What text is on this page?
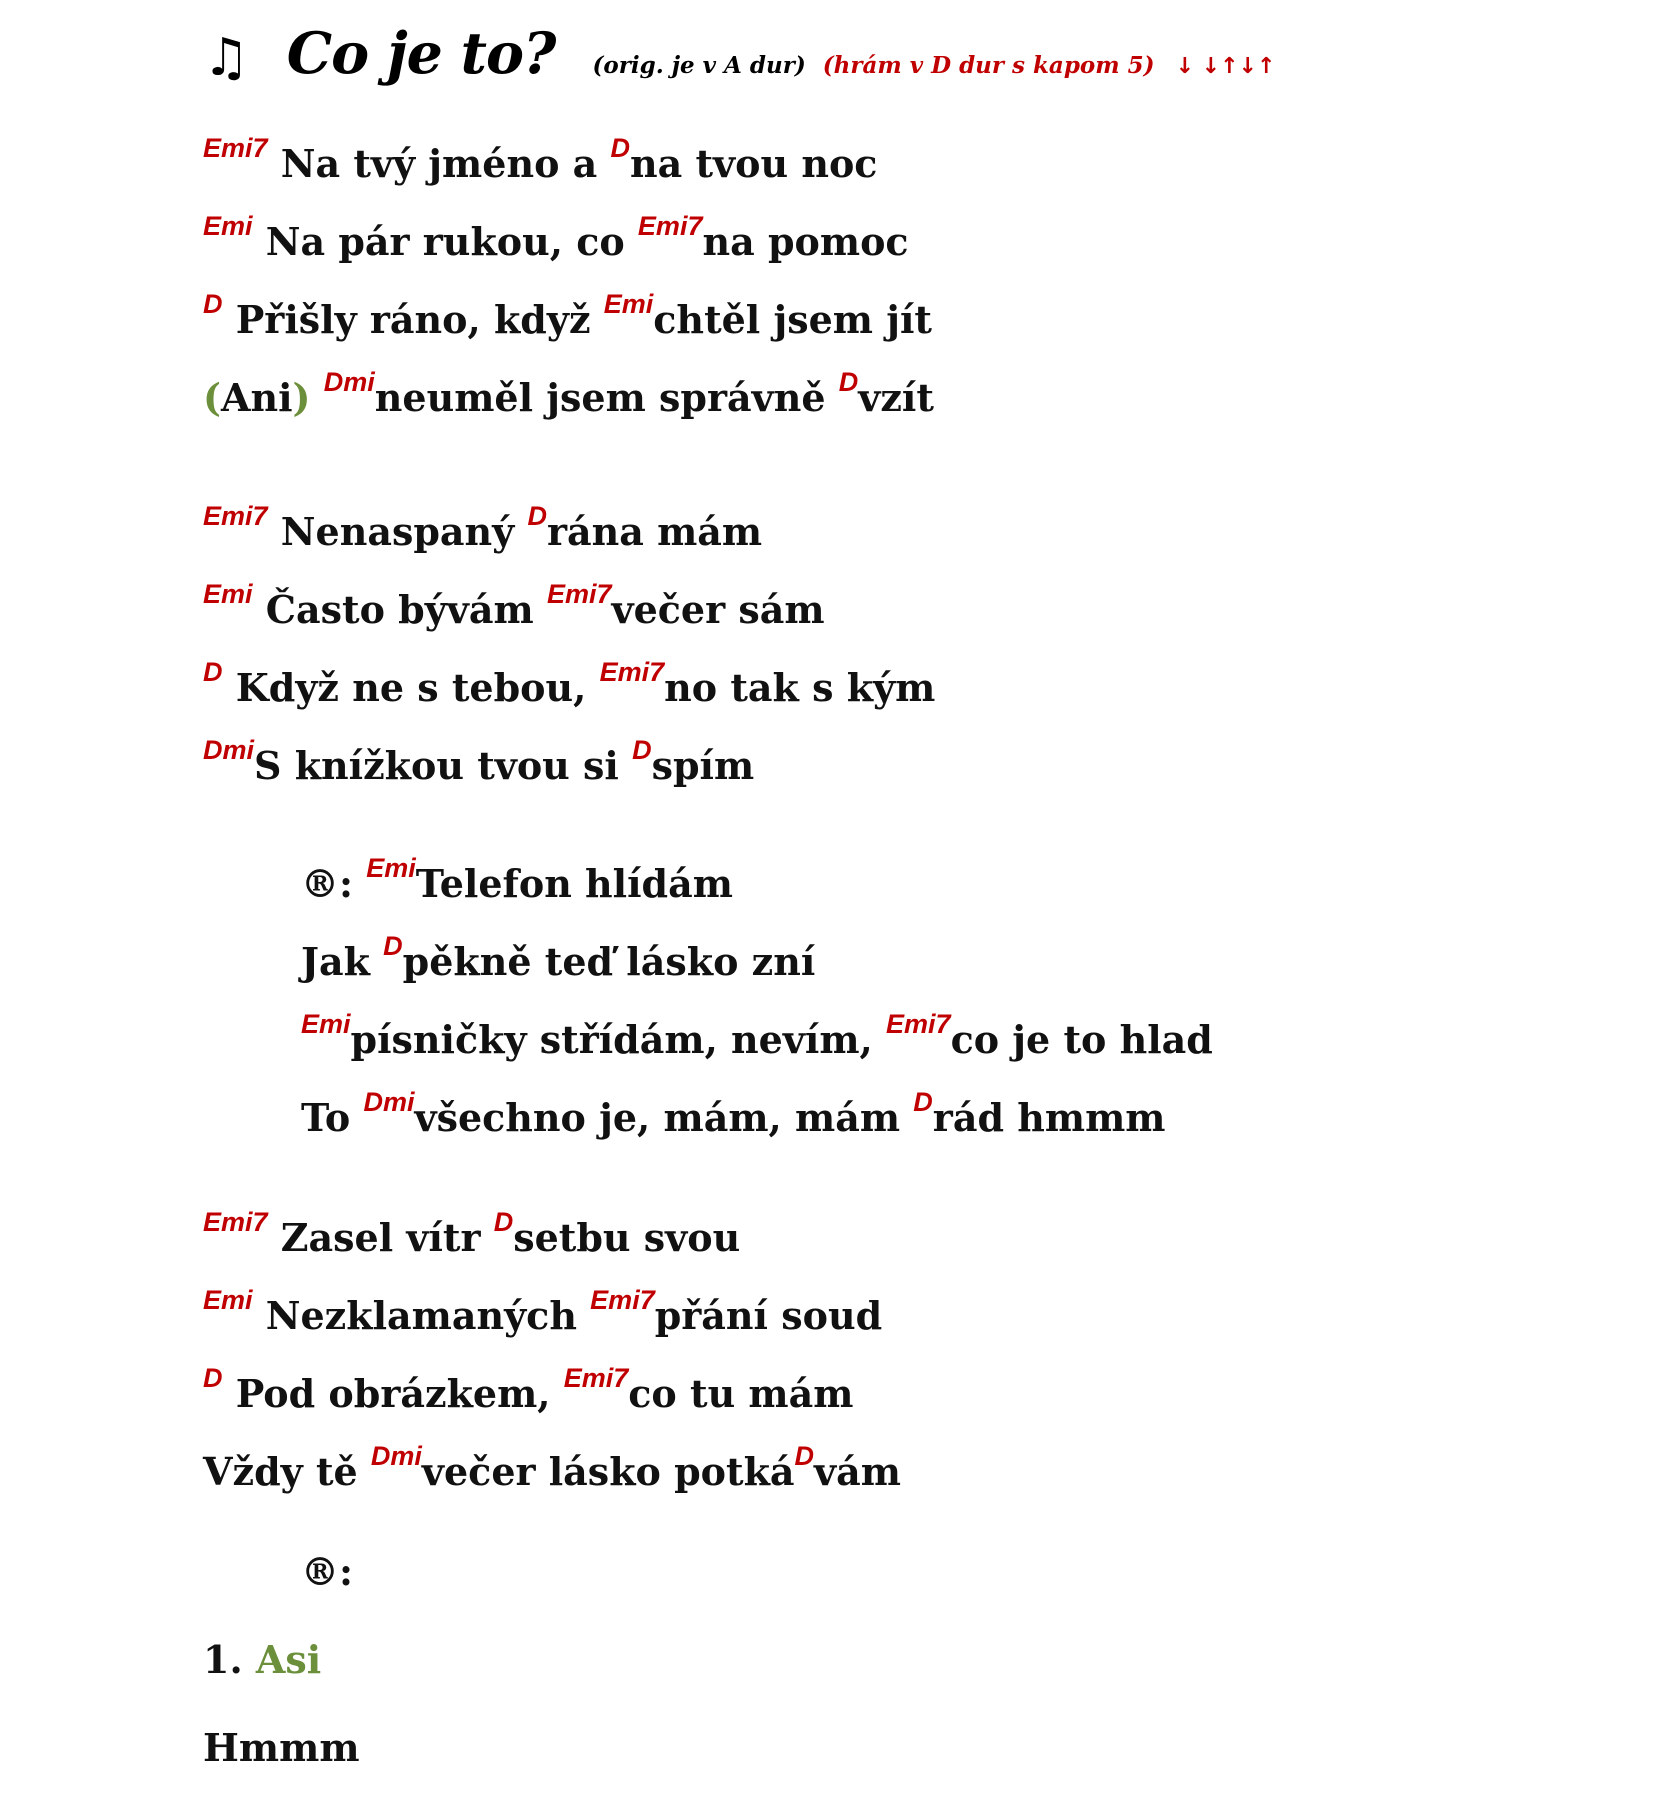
♫ Co je to? (orig. je v A dur) (hrám v D dur s kapom 5) ↓ ↓↑↓↑
$^{Emi7}$ Na tvý jméno a $^D$na tvou noc
$^{Emi}$ Na pár rukou, co $^{Emi7}$na pomoc
$^D$ Přišly ráno, když $^{Emi}$chtěl jsem jít
(Ani) $^{Dmi}$neuměl jsem správně $^D$vzít
$^{Emi7}$ Nenaspaný $^D$rána mám
$^{Emi}$ Často bývám $^{Emi7}$večer sám
$^D$ Když ne s tebou, $^{Emi7}$no tak s kým
$^{Dmi}$S knížkou tvou si $^D$spím
®: $^{Emi}$Telefon hlídám
Jak $^D$pěkně teď lásko zní
$^{Emi}$písničky střídám, nevím, $^{Emi7}$co je to hlad
To $^{Dmi}$všechno je, mám, mám $^D$rád hmmm
$^{Emi7}$ Zasel vítr $^D$setbu svou
$^{Emi}$ Nezklamaných $^{Emi7}$přání soud
$^D$ Pod obrázkem, $^{Emi7}$co tu mám
Vždy tě $^{Dmi}$večer lásko potká$^D$vám
®:
1. Asi
Hmmm
